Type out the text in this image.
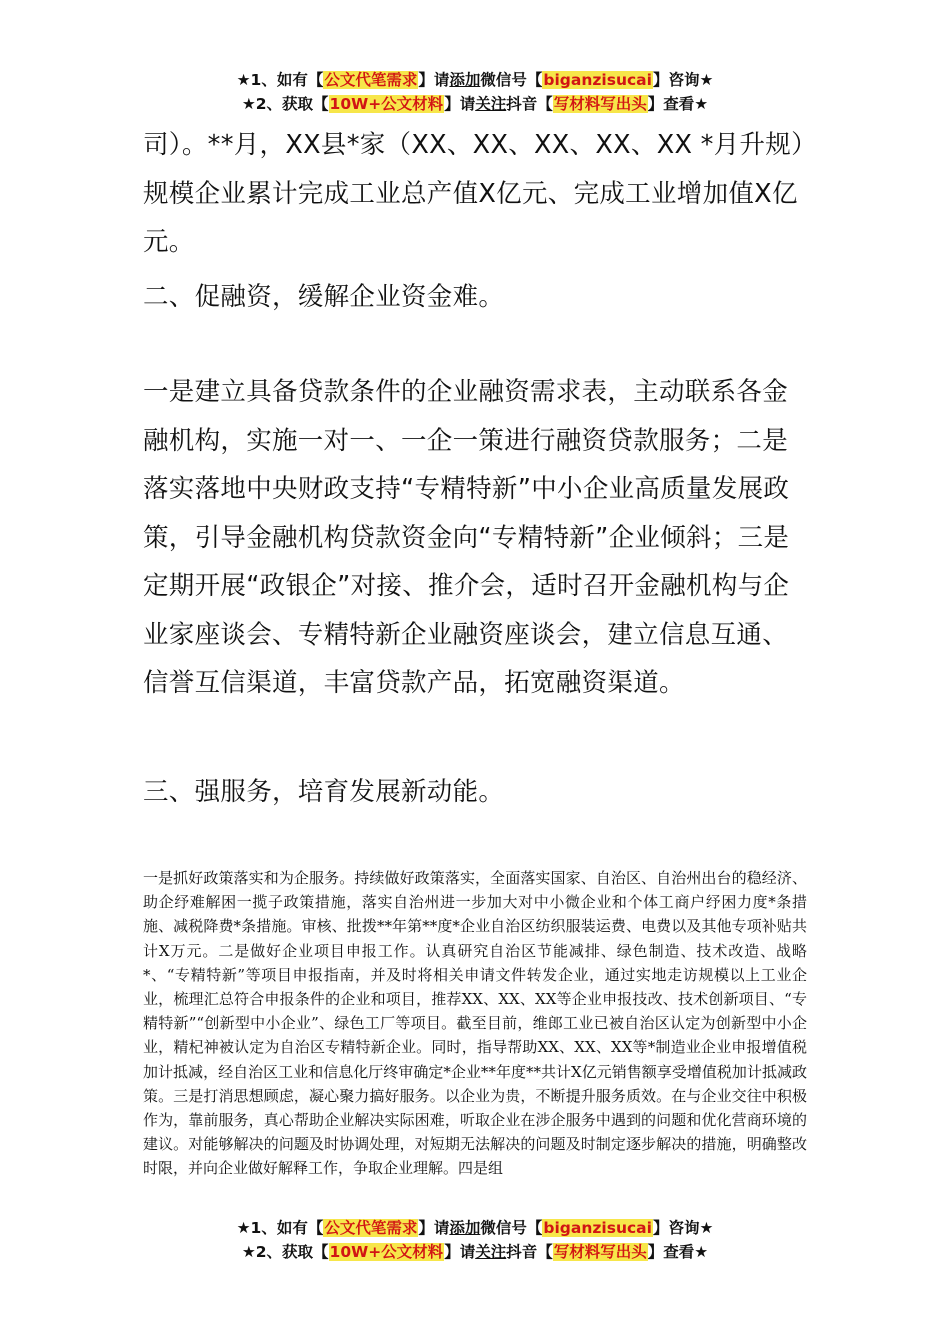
★1、如有【公文代笔需求】请添加微信号【biganzisucai】咨询★
★2、获取【10W+公文材料】请关注抖音【写材料写出头】查看★

司）。**月，XX县*家（XX、XX、XX、XX、XX *月升规）规模企业累计完成工业总产值X亿元、完成工业增加值X亿元。

二、促融资，缓解企业资金难。

一是建立具备贷款条件的企业融资需求表，主动联系各金融机构，实施一对一、一企一策进行融资贷款服务；二是落实落地中央财政支持“专精特新”中小企业高质量发展政策，引导金融机构贷款资金向“专精特新”企业倾斜；三是定期开展“政银企”对接、推介会，适时召开金融机构与企业家座谈会、专精特新企业融资座谈会，建立信息互通、信誉互信渠道，丰富贷款产品，拓宽融资渠道。

三、强服务，培育发展新动能。

一是抓好政策落实和为企服务。持续做好政策落实，全面落实国家、自治区、自治州出台的稳经济、助企纾难解困一揽子政策措施，落实自治州进一步加大对中小微企业和个体工商户纾困力度*条措施、减税降费*条措施。审核、批拨**年第**度*企业自治区纺织服装运费、电费以及其他专项补贴共计X万元。二是做好企业项目申报工作。认真研究自治区节能减排、绿色制造、技术改造、战略*、“专精特新”等项目申报指南，并及时将相关申请文件转发企业，通过实地走访规模以上工业企业，梳理汇总符合申报条件的企业和项目，推荐XX、XX、XX等企业申报技改、技术创新项目、“专精特新”“创新型中小企业”、绿色工厂等项目。截至目前，维郎工业已被自治区认定为创新型中小企业，精杞神被认定为自治区专精特新企业。同时，指导帮助XX、XX、XX等*制造业企业申报增值税加计抵减，经自治区工业和信息化厅终审确定*企业**年度**共计X亿元销售额享受增值税加计抵减政策。三是打消思想顾虑，凝心聚力搞好服务。以企业为贵，不断提升服务质效。在与企业交往中积极作为，靠前服务，真心帮助企业解决实际困难，听取企业在涉企服务中遇到的问题和优化营商环境的建议。对能够解决的问题及时协调处理，对短期无法解决的问题及时制定逐步解决的措施，明确整改时限，并向企业做好解释工作，争取企业理解。四是组

★1、如有【公文代笔需求】请添加微信号【biganzisucai】咨询★
★2、获取【10W+公文材料】请关注抖音【写材料写出头】查看★
